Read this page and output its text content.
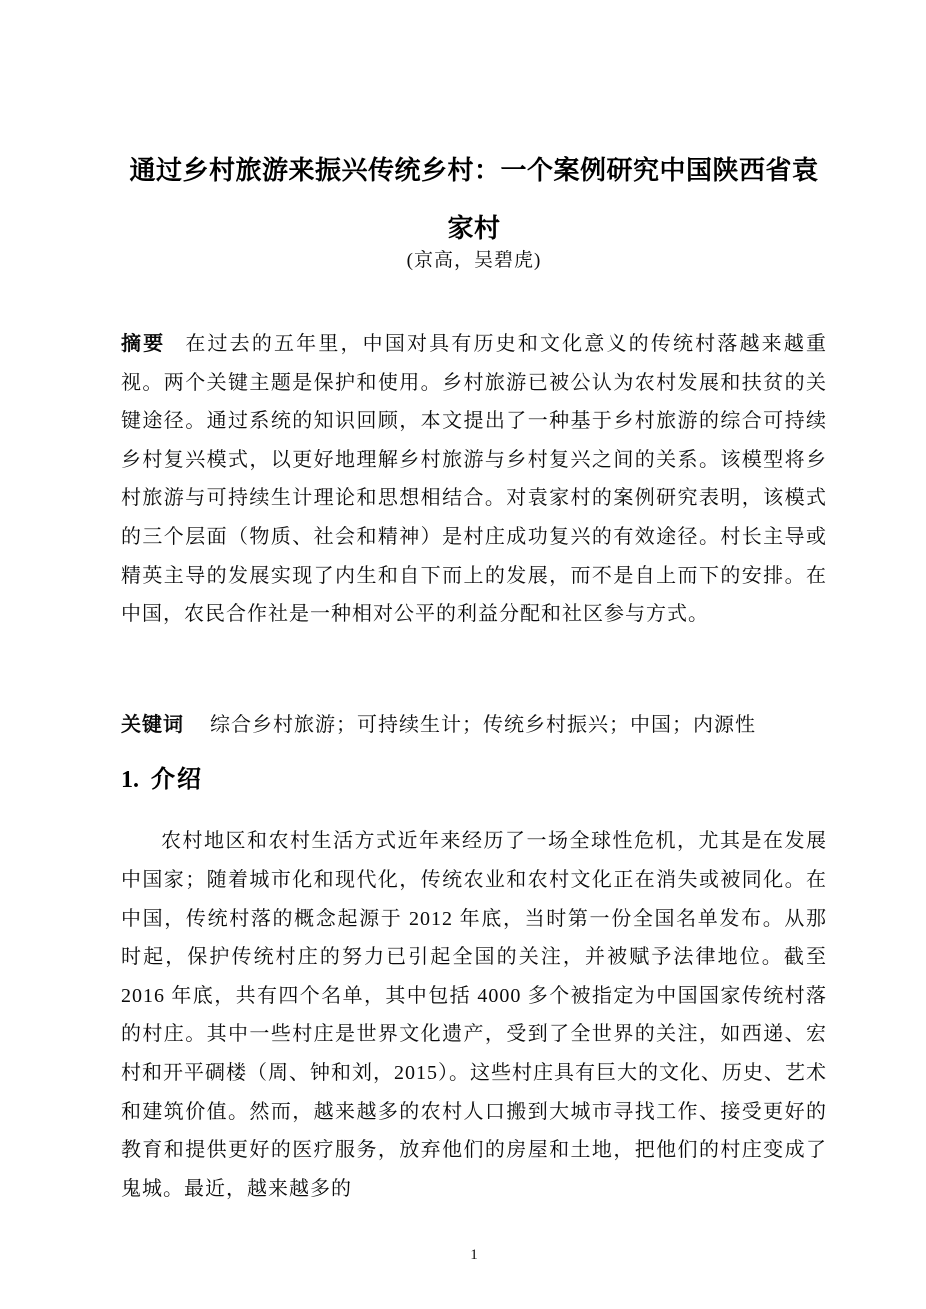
通过乡村旅游来振兴传统乡村：一个案例研究中国陕西省袁家村
(京高，吴碧虎)

摘要 在过去的五年里，中国对具有历史和文化意义的传统村落越来越重视。两个关键主题是保护和使用。乡村旅游已被公认为农村发展和扶贫的关键途径。通过系统的知识回顾，本文提出了一种基于乡村旅游的综合可持续乡村复兴模式，以更好地理解乡村旅游与乡村复兴之间的关系。该模型将乡村旅游与可持续生计理论和思想相结合。对袁家村的案例研究表明，该模式的三个层面（物质、社会和精神）是村庄成功复兴的有效途径。村长主导或精英主导的发展实现了内生和自下而上的发展，而不是自上而下的安排。在中国，农民合作社是一种相对公平的利益分配和社区参与方式。

关键词 综合乡村旅游；可持续生计；传统乡村振兴；中国；内源性

1. 介绍

农村地区和农村生活方式近年来经历了一场全球性危机，尤其是在发展中国家；随着城市化和现代化，传统农业和农村文化正在消失或被同化。在中国，传统村落的概念起源于 2012 年底，当时第一份全国名单发布。从那时起，保护传统村庄的努力已引起全国的关注，并被赋予法律地位。截至 2016 年底，共有四个名单，其中包括 4000 多个被指定为中国国家传统村落的村庄。其中一些村庄是世界文化遗产，受到了全世界的关注，如西递、宏村和开平碉楼（周、钟和刘，2015）。这些村庄具有巨大的文化、历史、艺术和建筑价值。然而，越来越多的农村人口搬到大城市寻找工作、接受更好的教育和提供更好的医疗服务，放弃他们的房屋和土地，把他们的村庄变成了鬼城。最近，越来越多的

1
